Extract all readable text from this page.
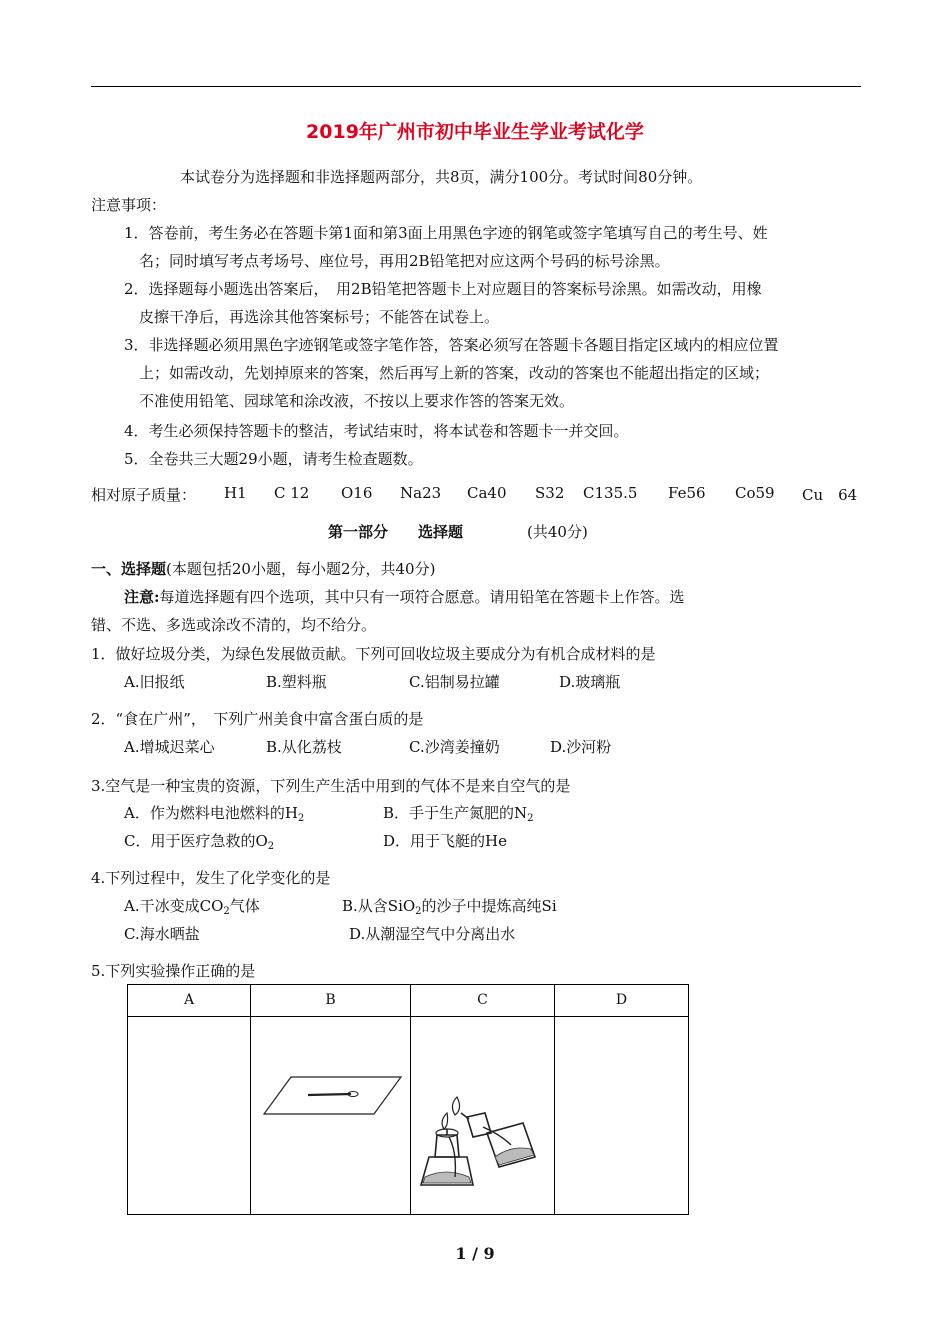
2019年广州市初中毕业生学业考试化学
本试卷分为选择题和非选择题两部分，共8页，满分100分。考试时间80分钟。
注意事项：
1．答卷前，考生务必在答题卡第1面和第3面上用黑色字迹的钢笔或签字笔填写自己的考生号、姓
名；同时填写考点考场号、座位号，再用2B铅笔把对应这两个号码的标号涂黑。
2．选择题每小题选出答案后，　用2B铅笔把答题卡上对应题目的答案标号涂黑。如需改动，用橡
皮擦干净后，再选涂其他答案标号；不能答在试卷上。
3．非选择题必须用黑色字迹钢笔或签字笔作答，答案必须写在答题卡各题目指定区域内的相应位置
上；如需改动，先划掉原来的答案，然后再写上新的答案，改动的答案也不能超出指定的区域；
不准使用铅笔、园球笔和涂改液，不按以上要求作答的答案无效。
4．考生必须保持答题卡的整洁，考试结束时，将本试卷和答题卡一并交回。
5．全卷共三大题29小题，请考生检查题数。
相对原子质量： H1 C 12 O16 Na23 Ca40 S32 C135.5 Fe56 Co59 Cu　64
第一部分 选择题	(共40分)
一、选择题(本题包括20小题，每小题2分，共40分)
注意:每道选择题有四个选项，其中只有一项符合愿意。请用铅笔在答题卡上作答。选
错、不选、多选或涂改不清的，均不给分。
1．做好垃圾分类，为绿色发展做贡献。下列可回收垃圾主要成分为有机合成材料的是
A.旧报纸	B.塑料瓶	C.铝制易拉罐	D.玻璃瓶
2．“食在广州”，　下列广州美食中富含蛋白质的是
A.增城迟菜心	B.从化荔枝	C.沙湾姜撞奶	D.沙河粉
3.空气是一种宝贵的资源，下列生产生活中用到的气体不是来自空气的是
A．作为燃料电池燃料的$H_2$	B．手于生产氮肥的$N_2$
C．用于医疗急救的$O_2$	D．用于飞艇的He
4.下列过程中，发生了化学变化的是
A.干冰变成$CO_2$气体	B.从含SiO$_2$的沙子中提炼高纯Si
C.海水晒盐	D.从潮湿空气中分离出水
5.下列实验操作正确的是
A	B	C	D

1 / 9
